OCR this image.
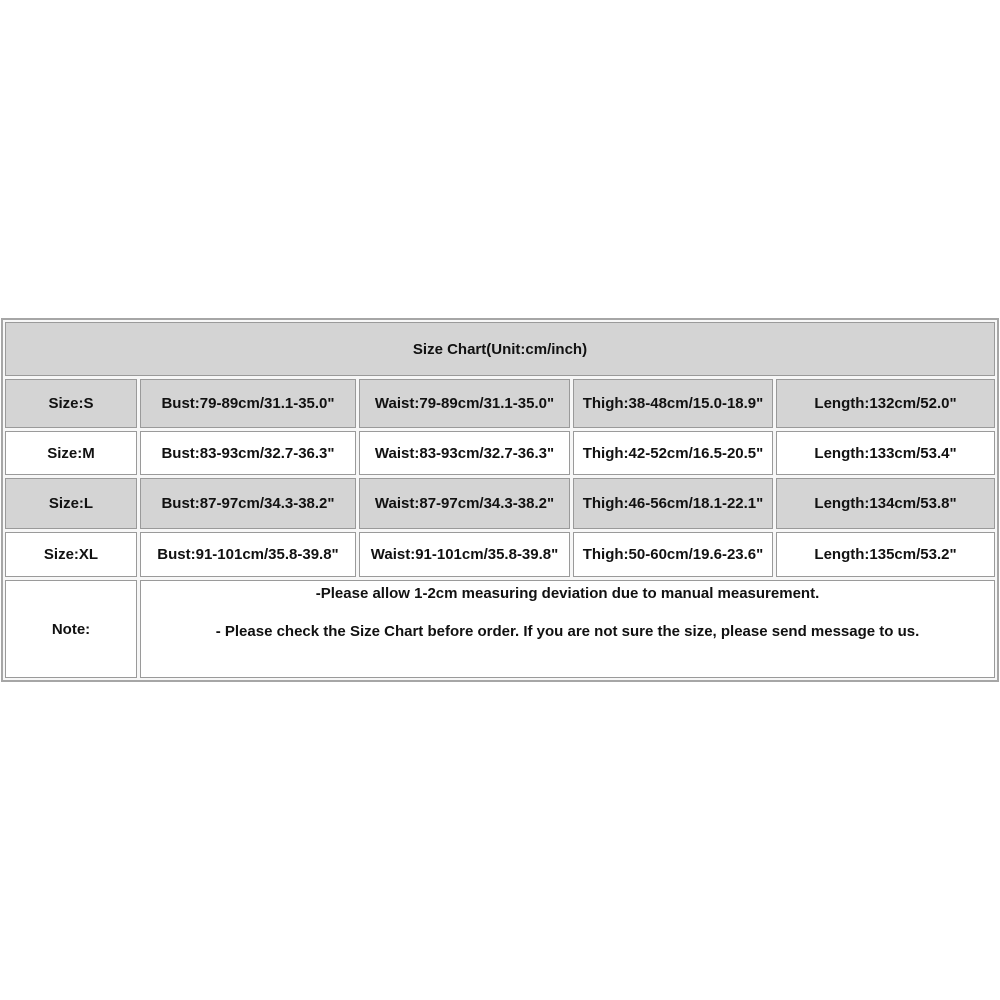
Size Chart(Unit:cm/inch)
Size:S	Bust:79-89cm/31.1-35.0"	Waist:79-89cm/31.1-35.0"	Thigh:38-48cm/15.0-18.9"	Length:132cm/52.0"
Size:M	Bust:83-93cm/32.7-36.3"	Waist:83-93cm/32.7-36.3"	Thigh:42-52cm/16.5-20.5"	Length:133cm/53.4"
Size:L	Bust:87-97cm/34.3-38.2"	Waist:87-97cm/34.3-38.2"	Thigh:46-56cm/18.1-22.1"	Length:134cm/53.8"
Size:XL	Bust:91-101cm/35.8-39.8"	Waist:91-101cm/35.8-39.8"	Thigh:50-60cm/19.6-23.6"	Length:135cm/53.2"
Note:
-Please allow 1-2cm measuring deviation due to manual measurement.
- Please check the Size Chart before order. If you are not sure the size, please send message to us.
